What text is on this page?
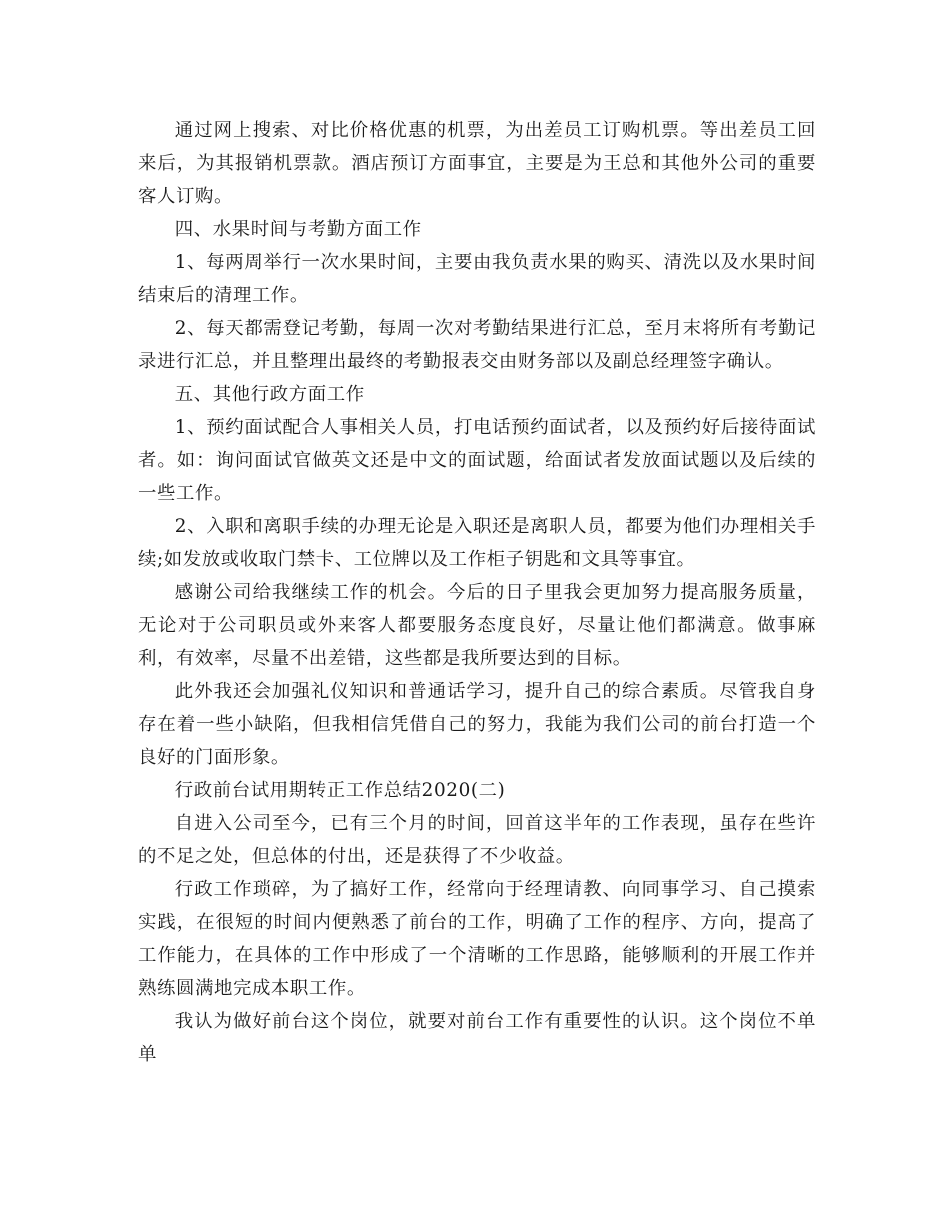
通过网上搜索、对比价格优惠的机票，为出差员工订购机票。等出差员工回来后，为其报销机票款。酒店预订方面事宜，主要是为王总和其他外公司的重要客人订购。

四、水果时间与考勤方面工作

1、每两周举行一次水果时间，主要由我负责水果的购买、清洗以及水果时间结束后的清理工作。

2、每天都需登记考勤，每周一次对考勤结果进行汇总，至月末将所有考勤记录进行汇总，并且整理出最终的考勤报表交由财务部以及副总经理签字确认。

五、其他行政方面工作

1、预约面试配合人事相关人员，打电话预约面试者，以及预约好后接待面试者。如：询问面试官做英文还是中文的面试题，给面试者发放面试题以及后续的一些工作。

2、入职和离职手续的办理无论是入职还是离职人员，都要为他们办理相关手续;如发放或收取门禁卡、工位牌以及工作柜子钥匙和文具等事宜。

感谢公司给我继续工作的机会。今后的日子里我会更加努力提高服务质量，无论对于公司职员或外来客人都要服务态度良好，尽量让他们都满意。做事麻利，有效率，尽量不出差错，这些都是我所要达到的目标。

此外我还会加强礼仪知识和普通话学习，提升自己的综合素质。尽管我自身存在着一些小缺陷，但我相信凭借自己的努力，我能为我们公司的前台打造一个良好的门面形象。

行政前台试用期转正工作总结2020(二)

自进入公司至今，已有三个月的时间，回首这半年的工作表现，虽存在些许的不足之处，但总体的付出，还是获得了不少收益。

行政工作琐碎，为了搞好工作，经常向于经理请教、向同事学习、自己摸索实践，在很短的时间内便熟悉了前台的工作，明确了工作的程序、方向，提高了工作能力，在具体的工作中形成了一个清晰的工作思路，能够顺利的开展工作并熟练圆满地完成本职工作。

我认为做好前台这个岗位，就要对前台工作有重要性的认识。这个岗位不单单
